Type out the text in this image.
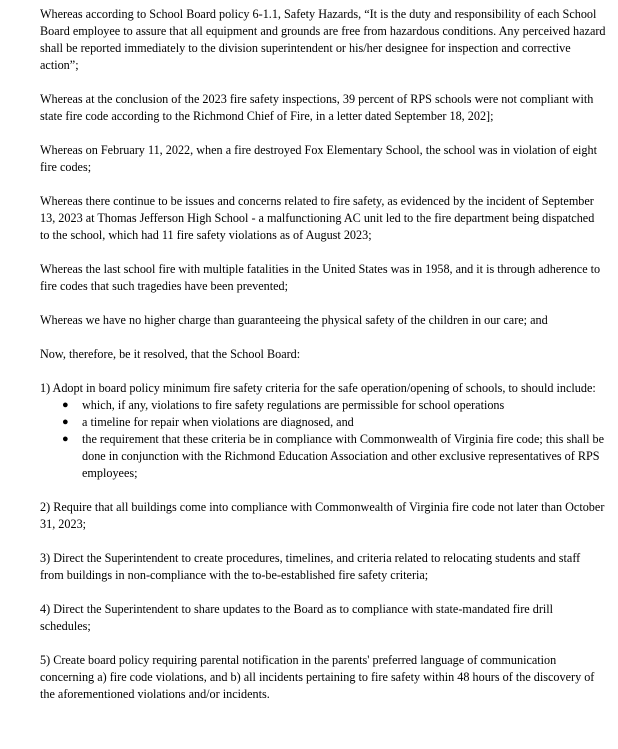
Whereas according to School Board policy 6-1.1, Safety Hazards, “It is the duty and responsibility of each School Board employee to assure that all equipment and grounds are free from hazardous conditions. Any perceived hazard shall be reported immediately to the division superintendent or his/her designee for inspection and corrective action”;

Whereas at the conclusion of the 2023 fire safety inspections, 39 percent of RPS schools were not compliant with state fire code according to the Richmond Chief of Fire, in a letter dated September 18, 202];

Whereas on February 11, 2022, when a fire destroyed Fox Elementary School, the school was in violation of eight fire codes;

Whereas there continue to be issues and concerns related to fire safety, as evidenced by the incident of September 13, 2023 at Thomas Jefferson High School - a malfunctioning AC unit led to the fire department being dispatched to the school, which had 11 fire safety violations as of August 2023;

Whereas the last school fire with multiple fatalities in the United States was in 1958, and it is through adherence to fire codes that such tragedies have been prevented;

Whereas we have no higher charge than guaranteeing the physical safety of the children in our care; and

Now, therefore, be it resolved, that the School Board:

1) Adopt in board policy minimum fire safety criteria for the safe operation/opening of schools, to should include:

● which, if any, violations to fire safety regulations are permissible for school operations
● a timeline for repair when violations are diagnosed, and
● the requirement that these criteria be in compliance with Commonwealth of Virginia fire code; this shall be done in conjunction with the Richmond Education Association and other exclusive representatives of RPS employees;

2) Require that all buildings come into compliance with Commonwealth of Virginia fire code not later than October 31, 2023;

3) Direct the Superintendent to create procedures, timelines, and criteria related to relocating students and staff from buildings in non-compliance with the to-be-established fire safety criteria;

4) Direct the Superintendent to share updates to the Board as to compliance with state-mandated fire drill schedules;

5) Create board policy requiring parental notification in the parents' preferred language of communication concerning a) fire code violations, and b) all incidents pertaining to fire safety within 48 hours of the discovery of the aforementioned violations and/or incidents.
